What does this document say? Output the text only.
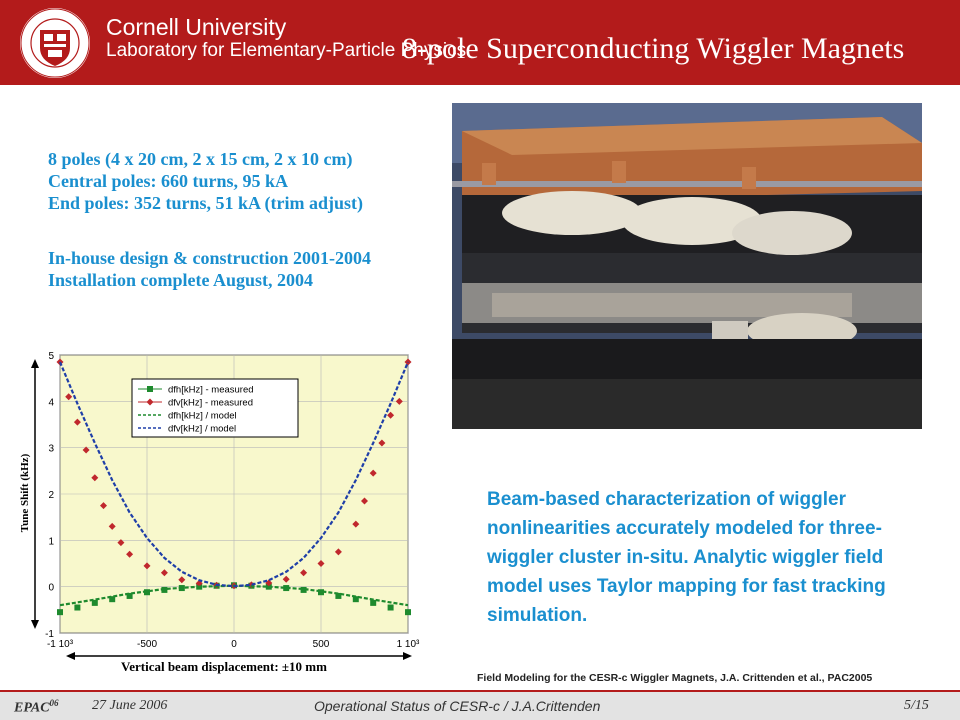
Cornell University
Laboratory for Elementary-Particle Physics
8-pole Superconducting Wiggler Magnets
8 poles (4 x 20 cm, 2 x 15 cm, 2 x 10 cm)
Central poles: 660 turns, 95 kA
End poles: 352 turns, 51 kA (trim adjust)
In-house design & construction 2001-2004
Installation complete August, 2004
-1
0
1
2
3
4
5
-1 10³	-500	0	500	1 10³
dfh[kHz] - measured
dfv[kHz] - measured
dfh[kHz] / model
dfv[kHz] / model
Tune Shift (kHz)
Vertical beam displacement: ±10 mm
Beam-based characterization of wiggler nonlinearities accurately modeled for three-wiggler cluster in-situ. Analytic wiggler field model uses Taylor mapping for fast tracking simulation.
Field Modeling for the CESR-c Wiggler Magnets, J.A. Crittenden et al., PAC2005
EPAC$^{06}$ 27 June 2006	Operational Status of CESR-c / J.A.Crittenden	5/15
